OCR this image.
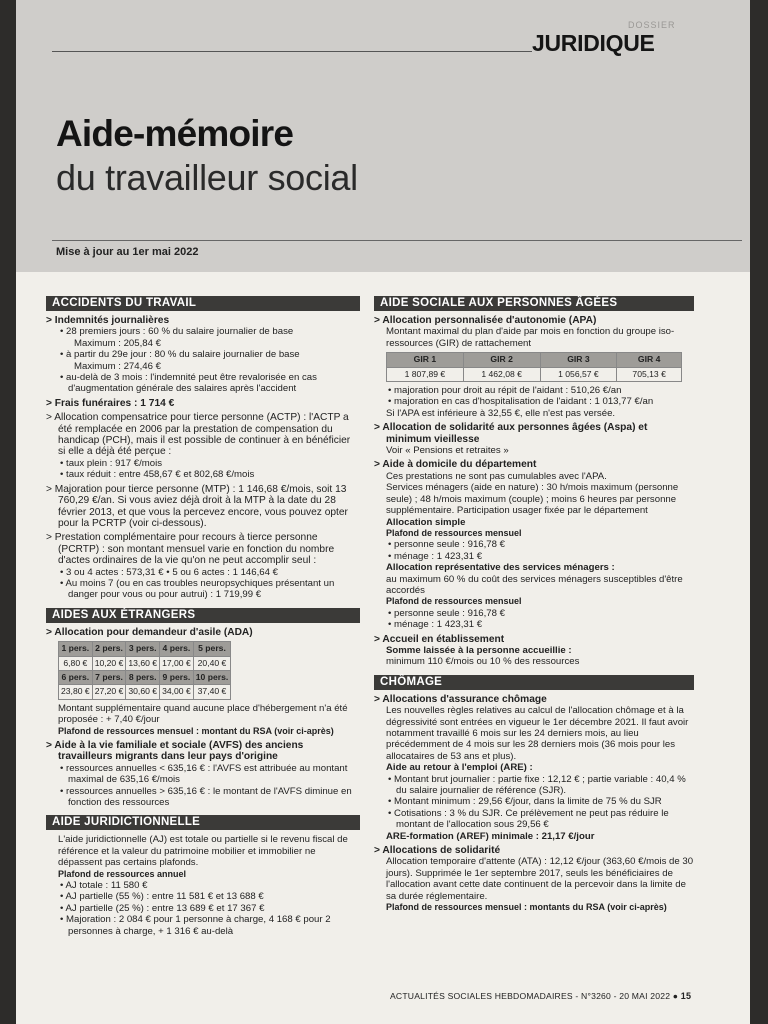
DOSSIER
JURIDIQUE
Aide-mémoire
du travailleur social
Mise à jour au 1er mai 2022
ACCIDENTS DU TRAVAIL
> Indemnités journalières
• 28 premiers jours : 60 % du salaire journalier de base
Maximum : 205,84 €
• à partir du 29e jour : 80 % du salaire journalier de base
Maximum : 274,46 €
• au-delà de 3 mois : l'indemnité peut être revalorisée en cas d'augmentation générale des salaires après l'accident
> Frais funéraires : 1 714 €
> Allocation compensatrice pour tierce personne (ACTP) : l'ACTP a été remplacée en 2006 par la prestation de compensation du handicap (PCH), mais il est possible de continuer à en bénéficier si elle a déjà été perçue :
• taux plein : 917 €/mois
• taux réduit : entre 458,67 € et 802,68 €/mois
> Majoration pour tierce personne (MTP) : 1 146,68 €/mois, soit 13 760,29 €/an. Si vous aviez déjà droit à la MTP à la date du 28 février 2013, et que vous la percevez encore, vous pouvez opter pour la PCRTP (voir ci-dessous).
> Prestation complémentaire pour recours à tierce personne (PCRTP) : son montant mensuel varie en fonction du nombre d'actes ordinaires de la vie qu'on ne peut accomplir seul :
• 3 ou 4 actes : 573,31 € • 5 ou 6 actes : 1 146,64 €
• Au moins 7 (ou en cas troubles neuropsychiques présentant un danger pour vous ou pour autrui) : 1 719,99 €
AIDES AUX ÉTRANGERS
> Allocation pour demandeur d'asile (ADA)
1 pers.	2 pers.	3 pers.	4 pers.	5 pers.
6,80 €	10,20 €	13,60 €	17,00 €	20,40 €
6 pers.	7 pers.	8 pers.	9 pers.	10 pers.
23,80 €	27,20 €	30,60 €	34,00 €	37,40 €
Montant supplémentaire quand aucune place d'hébergement n'a été proposée : + 7,40 €/jour
Plafond de ressources mensuel : montant du RSA (voir ci-après)
> Aide à la vie familiale et sociale (AVFS) des anciens travailleurs migrants dans leur pays d'origine
• ressources annuelles < 635,16 € : l'AVFS est attribuée au montant maximal de 635,16 €/mois
• ressources annuelles > 635,16 € : le montant de l'AVFS diminue en fonction des ressources
AIDE JURIDICTIONNELLE
L'aide juridictionnelle (AJ) est totale ou partielle si le revenu fiscal de référence et la valeur du patrimoine mobilier et immobilier ne dépassent pas certains plafonds.
Plafond de ressources annuel
• AJ totale : 11 580 €
• AJ partielle (55 %) : entre 11 581 € et 13 688 €
• AJ partielle (25 %) : entre 13 689 € et 17 367 €
• Majoration : 2 084 € pour 1 personne à charge, 4 168 € pour 2 personnes à charge, + 1 316 € au-delà
AIDE SOCIALE AUX PERSONNES ÂGÉES
> Allocation personnalisée d'autonomie (APA)
Montant maximal du plan d'aide par mois en fonction du groupe iso-ressources (GIR) de rattachement
GIR 1	GIR 2	GIR 3	GIR 4
1 807,89 €	1 462,08 €	1 056,57 €	705,13 €
• majoration pour droit au répit de l'aidant : 510,26 €/an
• majoration en cas d'hospitalisation de l'aidant : 1 013,77 €/an
Si l'APA est inférieure à 32,55 €, elle n'est pas versée.
> Allocation de solidarité aux personnes âgées (Aspa) et minimum vieillesse
Voir « Pensions et retraites »
> Aide à domicile du département
Ces prestations ne sont pas cumulables avec l'APA.
Services ménagers (aide en nature) : 30 h/mois maximum (personne seule) ; 48 h/mois maximum (couple) ; moins 6 heures par personne supplémentaire. Participation usager fixée par le département
Allocation simple
Plafond de ressources mensuel
• personne seule : 916,78 €
• ménage : 1 423,31 €
Allocation représentative des services ménagers :
au maximum 60 % du coût des services ménagers susceptibles d'être accordés
Plafond de ressources mensuel
• personne seule : 916,78 €
• ménage : 1 423,31 €
> Accueil en établissement
Somme laissée à la personne accueillie :
minimum 110 €/mois ou 10 % des ressources
CHÔMAGE
> Allocations d'assurance chômage
Les nouvelles règles relatives au calcul de l'allocation chômage et à la dégressivité sont entrées en vigueur le 1er décembre 2021. Il faut avoir notamment travaillé 6 mois sur les 24 derniers mois, au lieu précédemment de 4 mois sur les 28 derniers mois (36 mois pour les allocataires de 53 ans et plus).
Aide au retour à l'emploi (ARE) :
• Montant brut journalier : partie fixe : 12,12 € ; partie variable : 40,4 % du salaire journalier de référence (SJR).
• Montant minimum : 29,56 €/jour, dans la limite de 75 % du SJR
• Cotisations : 3 % du SJR. Ce prélèvement ne peut pas réduire le montant de l'allocation sous 29,56 €
ARE-formation (AREF) minimale : 21,17 €/jour
> Allocations de solidarité
Allocation temporaire d'attente (ATA) : 12,12 €/jour (363,60 €/mois de 30 jours). Supprimée le 1er septembre 2017, seuls les bénéficiaires de l'allocation avant cette date continuent de la percevoir dans la limite de sa durée réglementaire.
Plafond de ressources mensuel : montants du RSA (voir ci-après)
ACTUALITÉS SOCIALES HEBDOMADAIRES - N°3260 - 20 MAI 2022 ● 15
